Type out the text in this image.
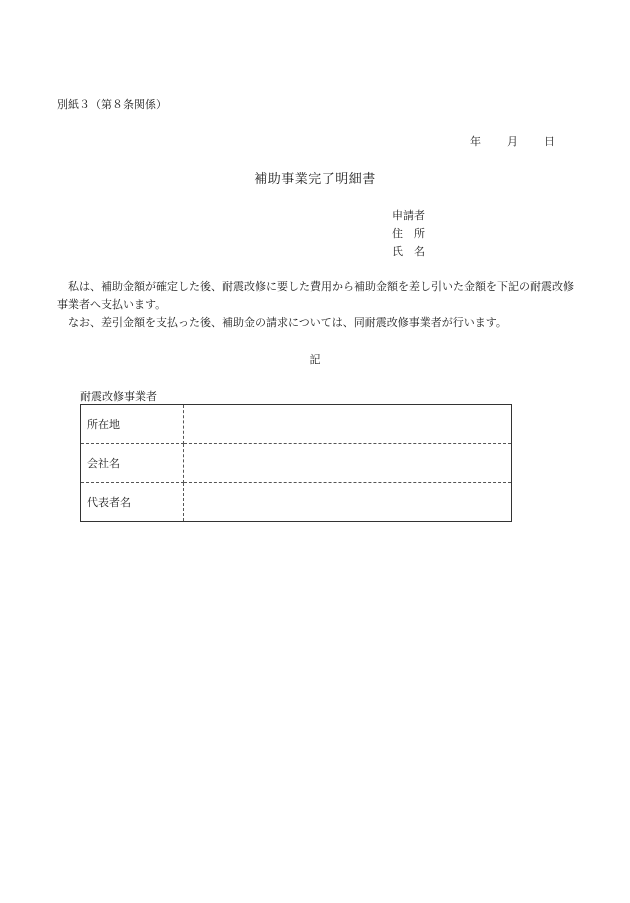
別紙３（第８条関係）
年 月 日
補助事業完了明細書
申請者
住　所
氏　名
私は、補助金額が確定した後、耐震改修に要した費用から補助金額を差し引いた金額を下記の耐震改修事業者へ支払います。
なお、差引金額を支払った後、補助金の請求については、同耐震改修事業者が行います。
記
耐震改修事業者
所在地	
会社名	
代表者名	
